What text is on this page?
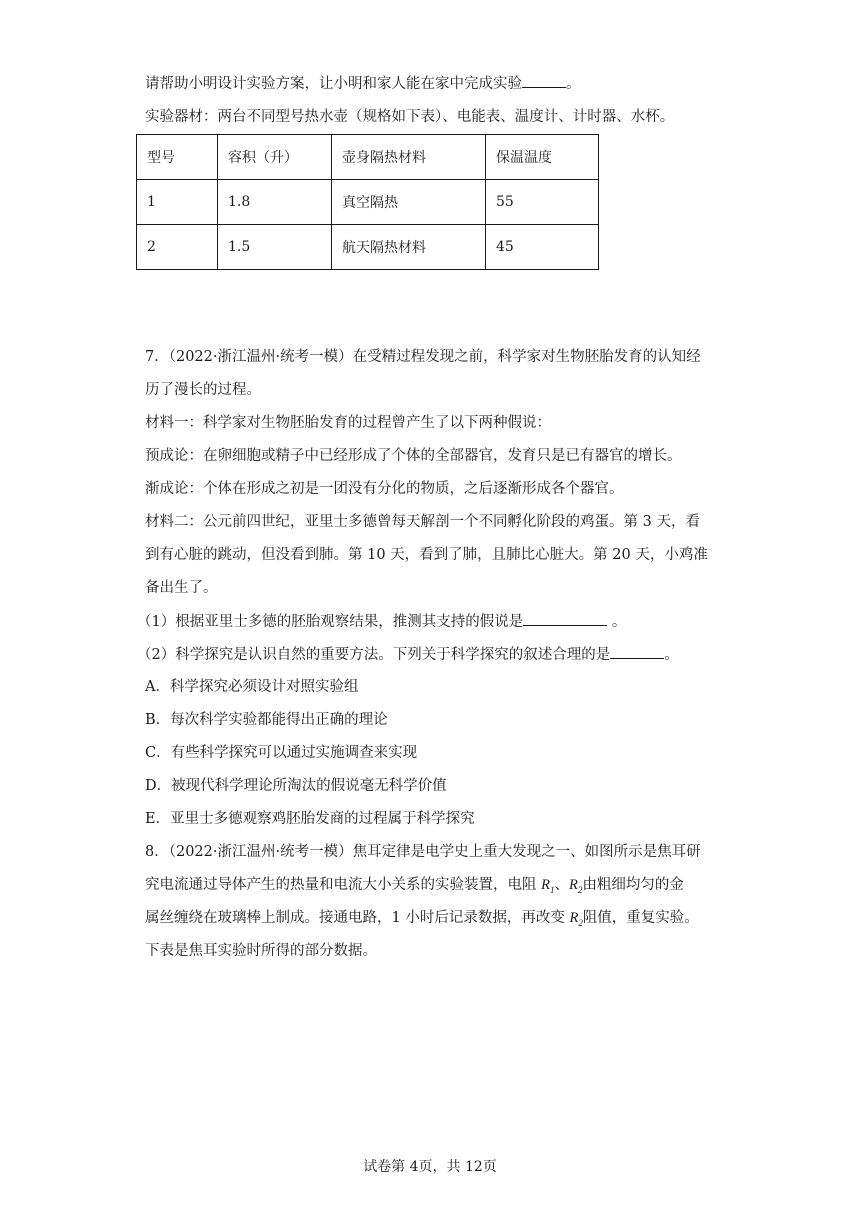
请帮助小明设计实验方案，让小明和家人能在家中完成实验	。
实验器材：两台不同型号热水壶（规格如下表）、电能表、温度计、计时器、水杯。
型号	容积（升）	壶身隔热材料	保温温度
1	1.8	真空隔热	55
2	1.5	航天隔热材料	45
7．（2022·浙江温州·统考一模）在受精过程发现之前，科学家对生物胚胎发育的认知经
历了漫长的过程。
材料一：科学家对生物胚胎发育的过程曾产生了以下两种假说：
预成论：在卵细胞或精子中已经形成了个体的全部器官，发育只是已有器官的增长。
渐成论：个体在形成之初是一团没有分化的物质，之后逐渐形成各个器官。
材料二：公元前四世纪，亚里士多德曾每天解剖一个不同孵化阶段的鸡蛋。第 3 天，看
到有心脏的跳动，但没看到肺。第 10 天，看到了肺，且肺比心脏大。第 20 天，小鸡准
备出生了。
（1）根据亚里士多德的胚胎观察结果，推测其支持的假说是	。
（2）科学探究是认识自然的重要方法。下列关于科学探究的叙述合理的是	。
A．科学探究必须设计对照实验组
B．每次科学实验都能得出正确的理论
C．有些科学探究可以通过实施调查来实现
D．被现代科学理论所淘汰的假说毫无科学价值
E．亚里士多德观察鸡胚胎发商的过程属于科学探究
8．（2022·浙江温州·统考一模）焦耳定律是电学史上重大发现之一、如图所示是焦耳研
究电流通过导体产生的热量和电流大小关系的实验装置，电阻 $R_1$、$R_2$由粗细均匀的金
属丝缠绕在玻璃棒上制成。接通电路，1 小时后记录数据，再改变 $R_2$阻值，重复实验。
下表是焦耳实验时所得的部分数据。
试卷第 4页，共 12页
